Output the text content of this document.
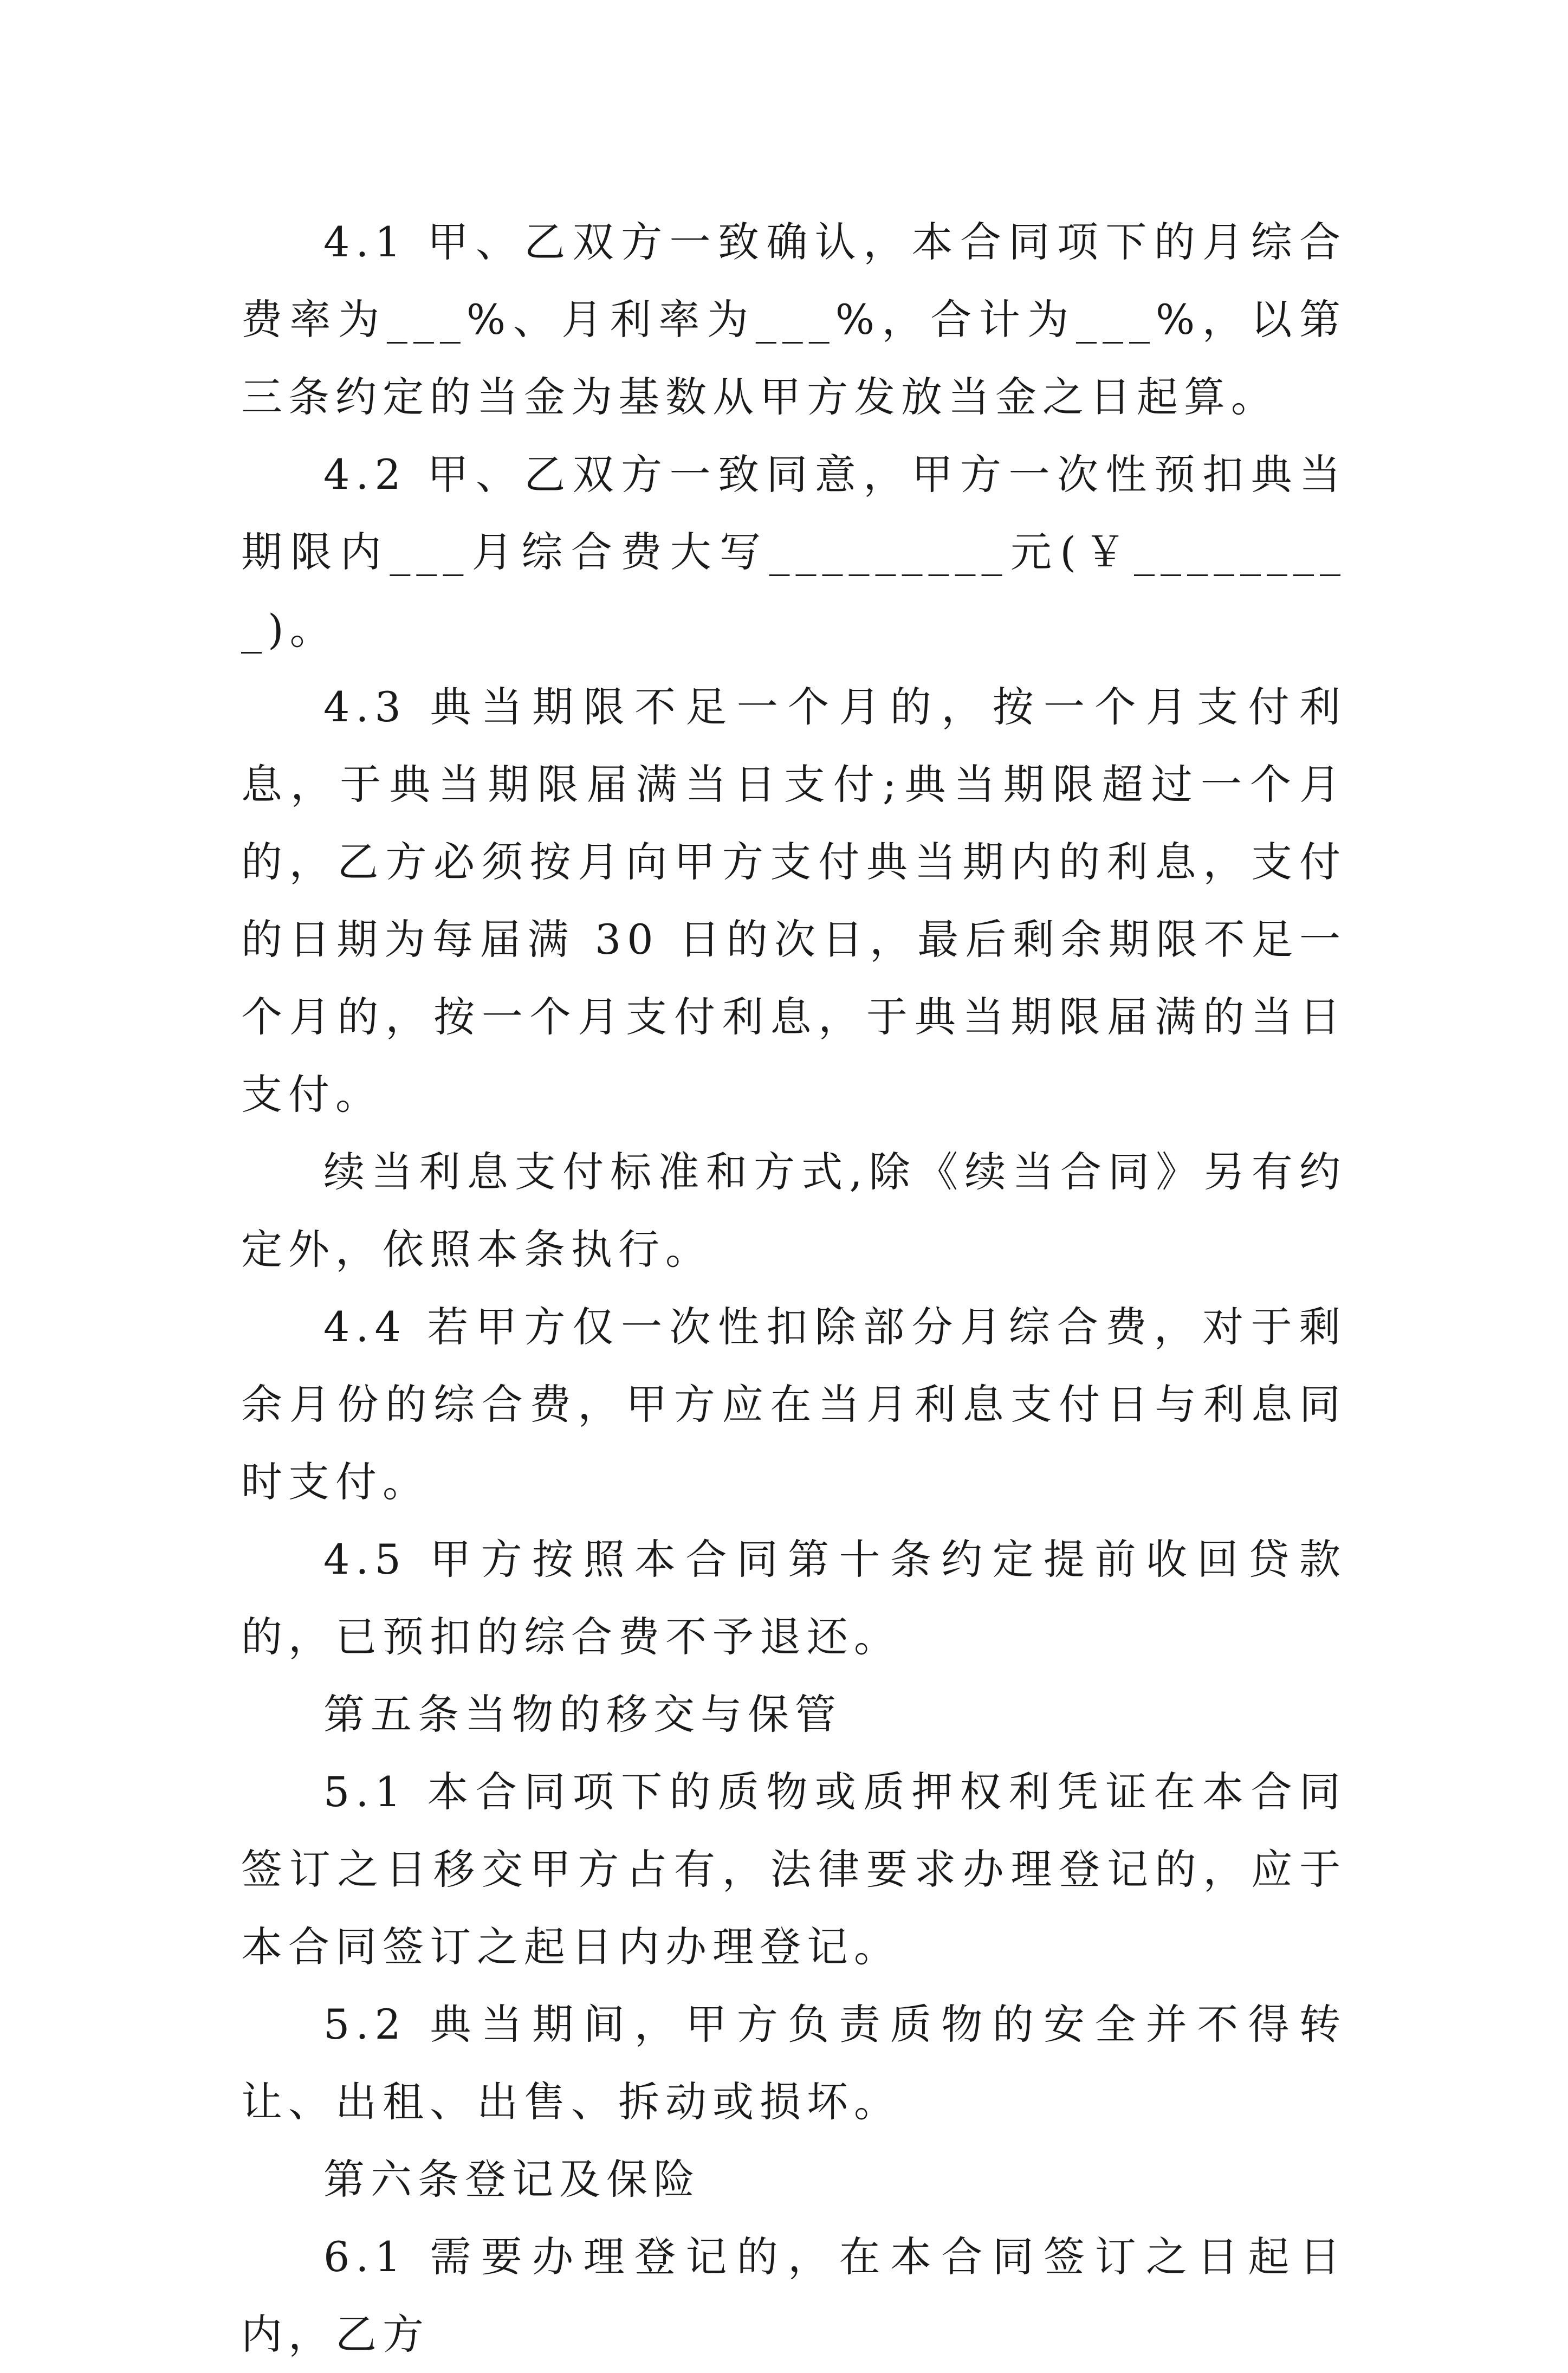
4.1 甲、乙双方一致确认，本合同项下的月综合费率为___%、月利率为___%，合计为___%，以第三条约定的当金为基数从甲方发放当金之日起算。

4.2 甲、乙双方一致同意，甲方一次性预扣典当期限内___月综合费大写_________元(￥_________)。

4.3 典当期限不足一个月的，按一个月支付利息，于典当期限届满当日支付;典当期限超过一个月的，乙方必须按月向甲方支付典当期内的利息，支付的日期为每届满 30 日的次日，最后剩余期限不足一个月的，按一个月支付利息，于典当期限届满的当日支付。

续当利息支付标准和方式,除《续当合同》另有约定外，依照本条执行。

4.4 若甲方仅一次性扣除部分月综合费，对于剩余月份的综合费，甲方应在当月利息支付日与利息同时支付。

4.5 甲方按照本合同第十条约定提前收回贷款的，已预扣的综合费不予退还。

第五条当物的移交与保管

5.1 本合同项下的质物或质押权利凭证在本合同签订之日移交甲方占有，法律要求办理登记的，应于本合同签订之起日内办理登记。

5.2 典当期间，甲方负责质物的安全并不得转让、出租、出售、拆动或损坏。

第六条登记及保险

6.1 需要办理登记的，在本合同签订之日起日内，乙方
